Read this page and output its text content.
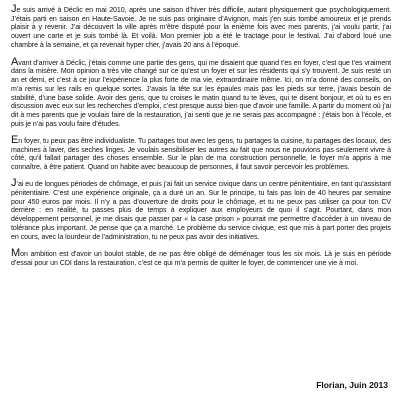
Je suis arrivé à Déclic en mai 2010, après une saison d’hiver très difficile, autant physiquement que psychologiquement. J’étais parti en saison en Haute-Savoie. Je ne suis pas originaire d’Avignon, mais j’en suis tombé amoureux et je prends plaisir à y revenir. J’ai découvert la ville après m’être disputé pour la enième fois avec mes parents, j’ai voulu partir, j’ai ouvert une carte et je suis tombé là. Et voilà. Mon premier job a été le tractage pour le festival. J’ai d’abord loué une chambre à la semaine, et ça revenait hyper cher, j’avais 20 ans à l’époque.

Avant d’arriver à Déclic, j’étais comme une partie des gens, qui me disaient que quand t’es en foyer, c’est que t’es vraiment dans la misère. Mon opinion a très vite changé sur ce qu’est un foyer et sur les résidents qui s’y trouvent. Je suis resté un an et demi, et c’est à ce jour l’expérience la plus forte de ma vie, extraordinaire même. Ici, on m’a donné des conseils, on m’a remis sur les rails en quelque sortes. J’avais la tête sur les épaules mais pas les pieds sur terre, j’avais besoin de stabilité, d’une base solide. Avoir des gens, que tu croises le matin quand tu te lèves, qui te disent bonjour, et où tu es en discussion avec eux sur les recherches d’emploi, c’est presque aussi bien que d’avoir une famille. A partir du moment où j’ai dit à mes parents que je voulais faire de la restauration, j’ai senti que je ne serais pas accompagné : j’étais bon à l’école, et puis je n’ai pas voulu faire d’études.

En foyer, tu peux pas être individualiste. Tu partages tout avec les gens, tu partages la cuisine, tu partages des locaux, des machines à laver, des seches linges. Je voulais sensibiliser les autres au fait que nous ne pouvions pas seulement vivre à côté, qu’il fallait partager des choses ensemble. Sur le plan de ma construction personnelle, le foyer m’a appris à me connaître, à être patient. Quand on habite avec beaucoup de personnes, il faut savoir percevoir les problèmes.

J’ai eu de longues périodes de chômage, et puis j’ai fait un service civique dans un centre pénitentiaire, en tant qu’assistant pénitentiaire. C’est une expérience originale, ça a duré un an. Sur le principe, tu fais pas loin de 40 heures par semaine pour 450 euros par mois. Il n’y a pas d’ouverture de droits pour le chômage, et tu ne peux pas utiliser ça pour ton CV derrière : en réalité, tu passes plus de temps à expliquer aux employeurs de quoi il s’agit. Pourtant, dans mon développement personnel, je me disais que passer par « la case prison » pourrait me permettre d’accéder à un niveau de tolérance plus important. Je pense que ça a marché. Le problème du service civique, est que mis à part porter des projets en cours, avec la lourdeur de l’administration, tu ne peux pas avoir des initiatives.

Mon ambition est d’avoir un boulot stable, de ne pas être obligé de déménager tous les six mois. Là je suis en période d’essai pour un CDI dans la restauration, c’est ce qui m’a permis de quitter le foyer, de commencer une vie à moi.

Florian, Juin 2013
